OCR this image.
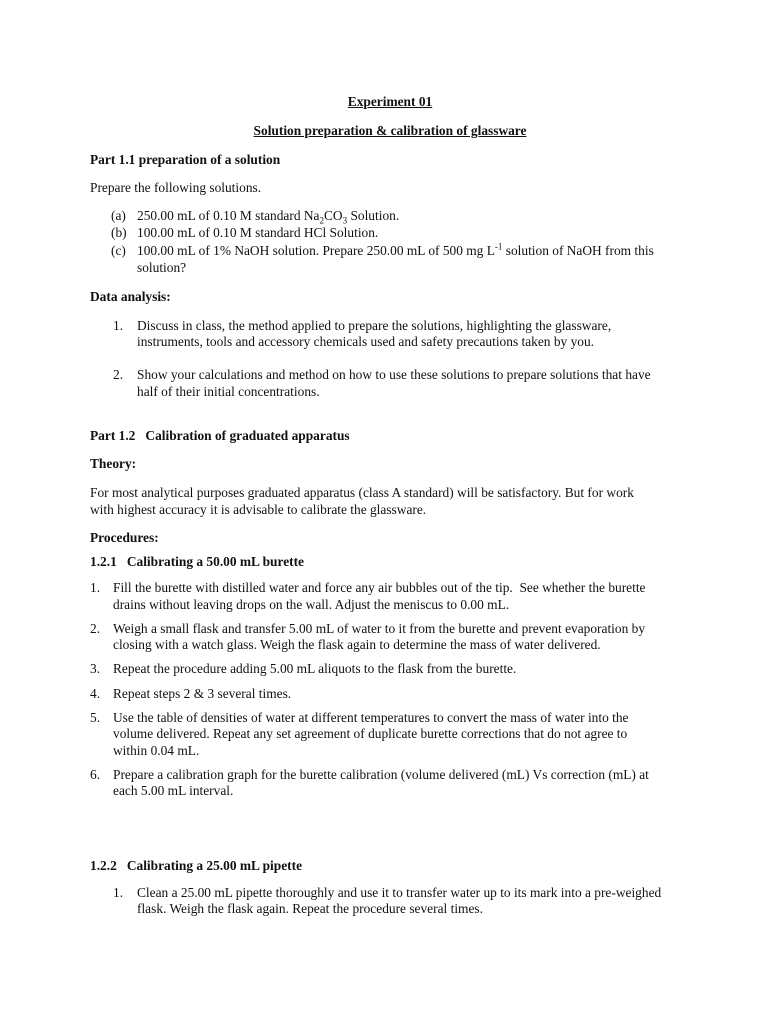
Experiment 01
Solution preparation & calibration of glassware
Part 1.1 preparation of a solution
Prepare the following solutions.
(a) 250.00 mL of 0.10 M standard $Na_2CO_3$ Solution.
(b) 100.00 mL of 0.10 M standard HCl Solution.
(c) 100.00 mL of 1% NaOH solution. Prepare 250.00 mL of 500 mg $L^{-1}$ solution of NaOH from this
solution?
Data analysis:
1. Discuss in class, the method applied to prepare the solutions, highlighting the glassware,
instruments, tools and accessory chemicals used and safety precautions taken by you.
2. Show your calculations and method on how to use these solutions to prepare solutions that have
half of their initial concentrations.
Part 1.2   Calibration of graduated apparatus
Theory:
For most analytical purposes graduated apparatus (class A standard) will be satisfactory. But for work
with highest accuracy it is advisable to calibrate the glassware.
Procedures:
1.2.1   Calibrating a 50.00 mL burette
1. Fill the burette with distilled water and force any air bubbles out of the tip.  See whether the burette
drains without leaving drops on the wall. Adjust the meniscus to 0.00 mL.
2. Weigh a small flask and transfer 5.00 mL of water to it from the burette and prevent evaporation by
closing with a watch glass. Weigh the flask again to determine the mass of water delivered.
3. Repeat the procedure adding 5.00 mL aliquots to the flask from the burette.
4. Repeat steps 2 & 3 several times.
5. Use the table of densities of water at different temperatures to convert the mass of water into the
volume delivered. Repeat any set agreement of duplicate burette corrections that do not agree to
within 0.04 mL.
6. Prepare a calibration graph for the burette calibration (volume delivered (mL) Vs correction (mL) at
each 5.00 mL interval.
1.2.2   Calibrating a 25.00 mL pipette
1. Clean a 25.00 mL pipette thoroughly and use it to transfer water up to its mark into a pre-weighed
flask. Weigh the flask again. Repeat the procedure several times.
